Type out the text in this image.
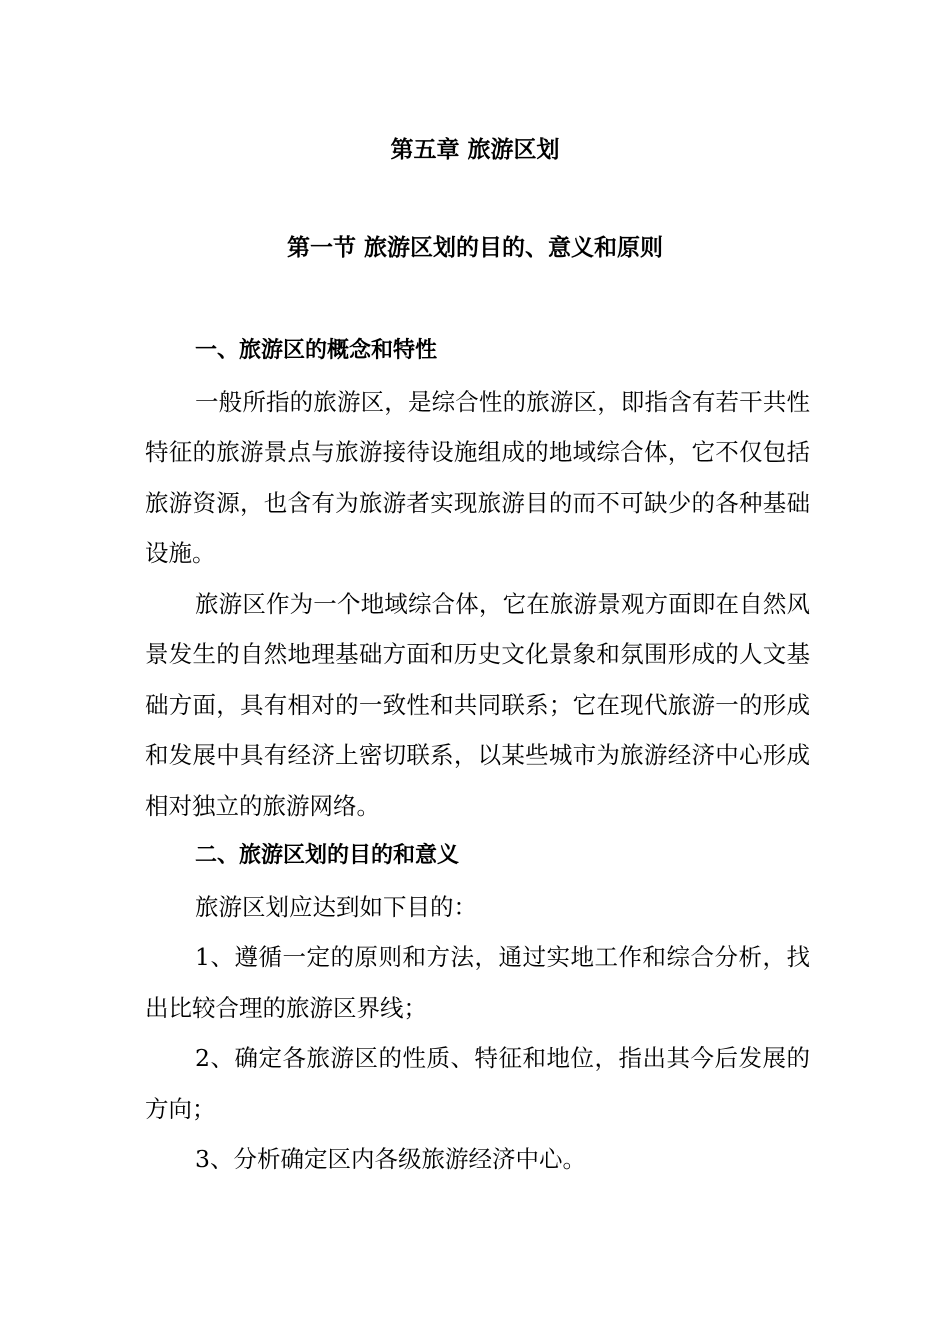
第五章 旅游区划
第一节 旅游区划的目的、意义和原则
一、旅游区的概念和特性

一般所指的旅游区，是综合性的旅游区，即指含有若干共性特征的旅游景点与旅游接待设施组成的地域综合体，它不仅包括旅游资源，也含有为旅游者实现旅游目的而不可缺少的各种基础设施。

旅游区作为一个地域综合体，它在旅游景观方面即在自然风景发生的自然地理基础方面和历史文化景象和氛围形成的人文基础方面，具有相对的一致性和共同联系；它在现代旅游一的形成和发展中具有经济上密切联系，以某些城市为旅游经济中心形成相对独立的旅游网络。

二、旅游区划的目的和意义

旅游区划应达到如下目的：

1、遵循一定的原则和方法，通过实地工作和综合分析，找出比较合理的旅游区界线；

2、确定各旅游区的性质、特征和地位，指出其今后发展的方向；

3、分析确定区内各级旅游经济中心。
